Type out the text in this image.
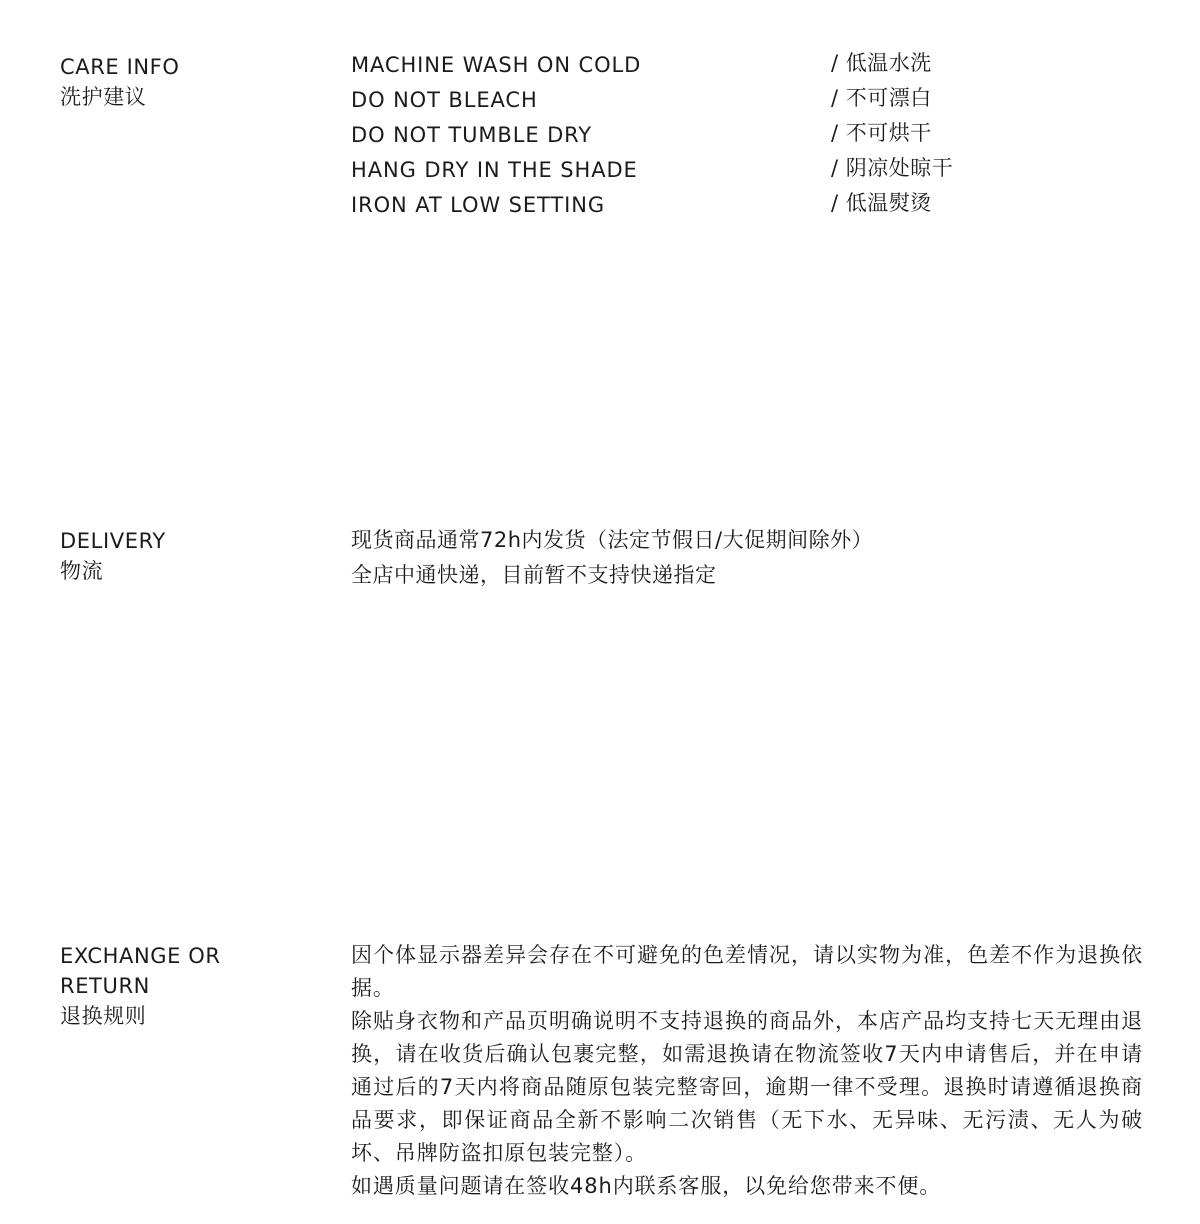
CARE INFO
洗护建议
MACHINE WASH ON COLD	/ 低温水洗
DO NOT BLEACH	/ 不可漂白
DO NOT TUMBLE DRY	/ 不可烘干
HANG DRY IN THE SHADE	/ 阴凉处晾干
IRON AT LOW SETTING	/ 低温熨烫
DELIVERY
物流
现货商品通常72h内发货（法定节假日/大促期间除外）
全店中通快递，目前暂不支持快递指定
EXCHANGE OR RETURN
退换规则

因个体显示器差异会存在不可避免的色差情况，请以实物为准，色差不作为退换依据。

除贴身衣物和产品页明确说明不支持退换的商品外，本店产品均支持七天无理由退换，请在收货后确认包裹完整，如需退换请在物流签收7天内申请售后，并在申请通过后的7天内将商品随原包装完整寄回，逾期一律不受理。退换时请遵循退换商品要求，即保证商品全新不影响二次销售（无下水、无异味、无污渍、无人为破坏、吊牌防盗扣原包装完整）。

如遇质量问题请在签收48h内联系客服，以免给您带来不便。
